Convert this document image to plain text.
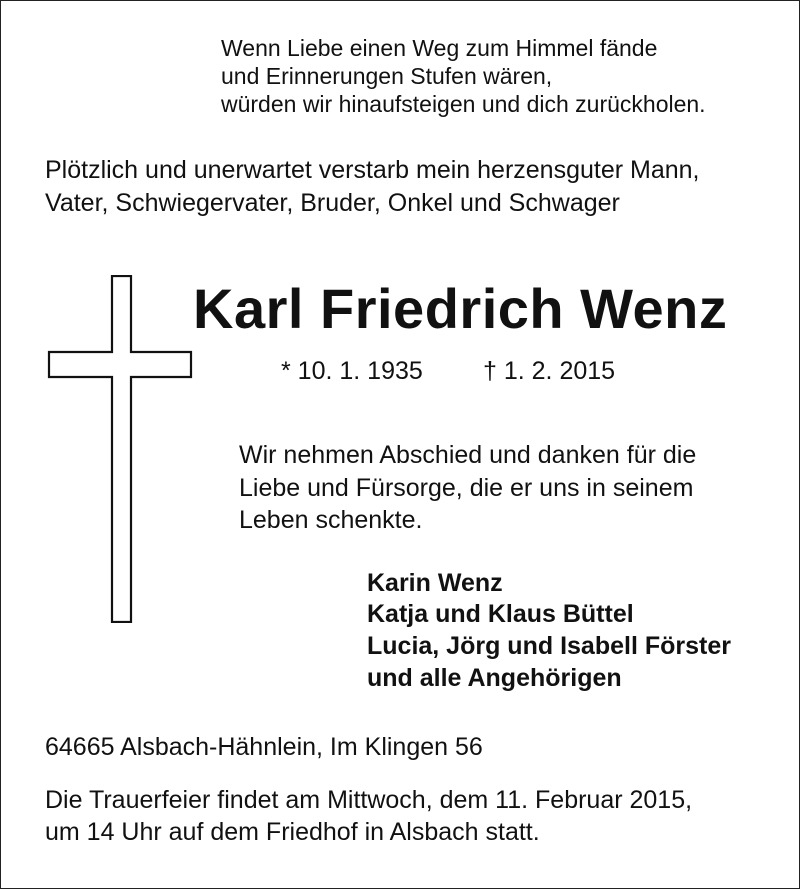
Wenn Liebe einen Weg zum Himmel fände
und Erinnerungen Stufen wären,
würden wir hinaufsteigen und dich zurückholen.
Plötzlich und unerwartet verstarb mein herzensguter Mann,
Vater, Schwiegervater, Bruder, Onkel und Schwager
Karl Friedrich Wenz
* 10. 1. 1935 † 1. 2. 2015
Wir nehmen Abschied und danken für die
Liebe und Fürsorge, die er uns in seinem
Leben schenkte.
Karin Wenz
Katja und Klaus Büttel
Lucia, Jörg und Isabell Förster
und alle Angehörigen
64665 Alsbach-Hähnlein, Im Klingen 56
Die Trauerfeier findet am Mittwoch, dem 11. Februar 2015,
um 14 Uhr auf dem Friedhof in Alsbach statt.
